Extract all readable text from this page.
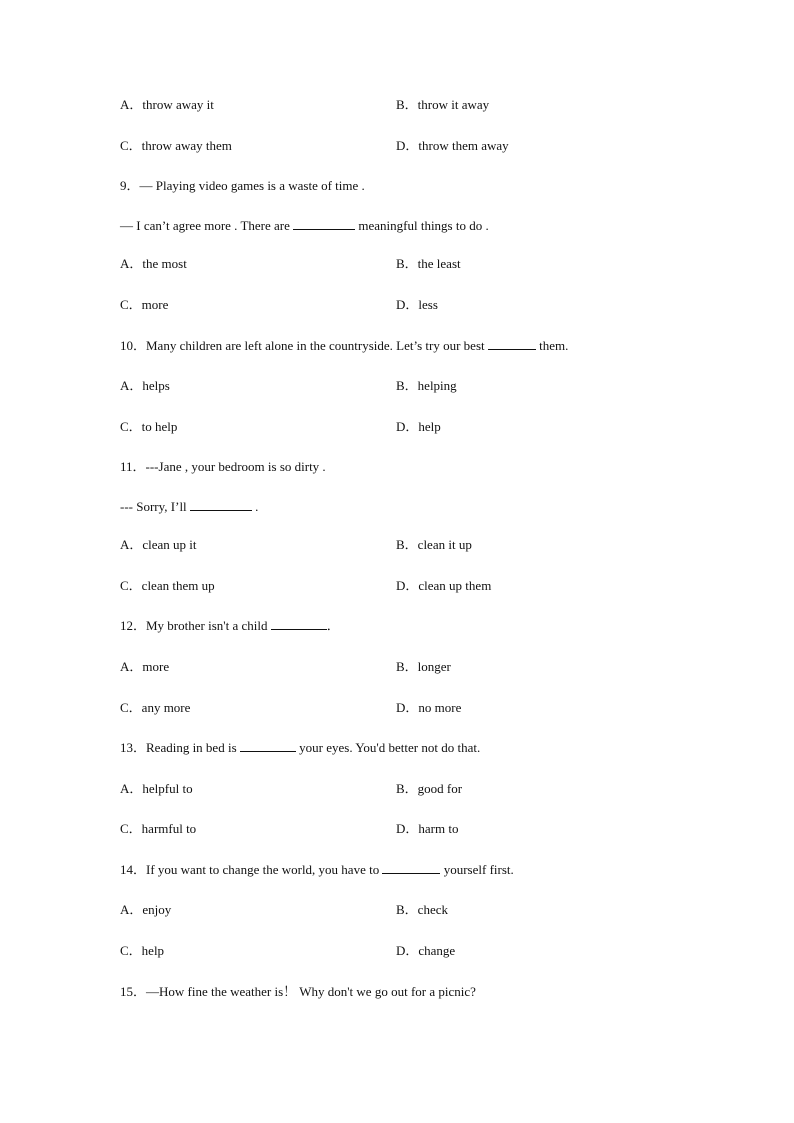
A．throw away it	B．throw it away
C．throw away them	D．throw them away
9．— Playing video games is a waste of time .
— I can’t agree more . There are	meaningful things to do .
A．the most	B．the least
C．more	D．less
10．Many children are left alone in the countryside. Let’s try our best	them.
A．helps	B．helping
C．to help	D．help
11．---Jane , your bedroom is so dirty .
--- Sorry, I’ll	.
A．clean up it	B．clean it up
C．clean them up	D．clean up them
12．My brother isn't a child	．
A．more	B．longer
C．any more	D．no more
13．Reading in bed is	your eyes. You'd better not do that.
A．helpful to	B．good for
C．harmful to	D．harm to
14．If you want to change the world, you have to	yourself first.
A．enjoy	B．check
C．help	D．change
15．—How fine the weather is！ Why don't we go out for a picnic?
